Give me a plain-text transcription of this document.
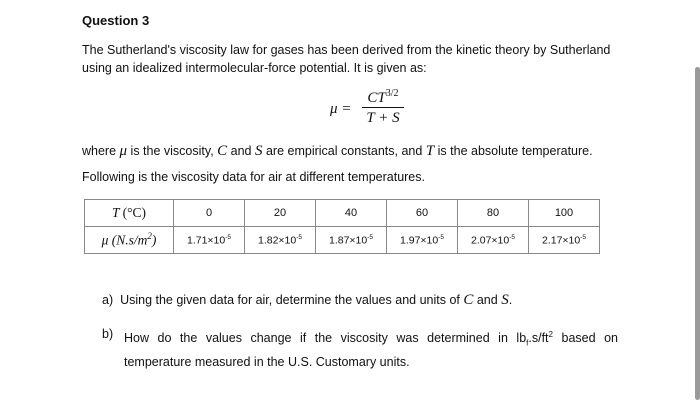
Question 3
The Sutherland's viscosity law for gases has been derived from the kinetic theory by Sutherland using an idealized intermolecular-force potential. It is given as:
μ =
$CT^{3/2}$
T + S
where μ is the viscosity, C and S are empirical constants, and T is the absolute temperature.
Following is the viscosity data for air at different temperatures.
T (°C)	0	20	40	60	80	100
μ $(N.s/m^2)$	$1.71\times 10^{-5}$	$1.82\times 10^{-5}$	$1.87\times 10^{-5}$	$1.97\times 10^{-5}$	$2.07\times 10^{-5}$	$2.17\times 10^{-5}$
a) Using the given data for air, determine the values and units of C and S.
b) How do the values change if the viscosity was determined in $lb_f.s/ft^2$ based on temperature measured in the U.S. Customary units.
